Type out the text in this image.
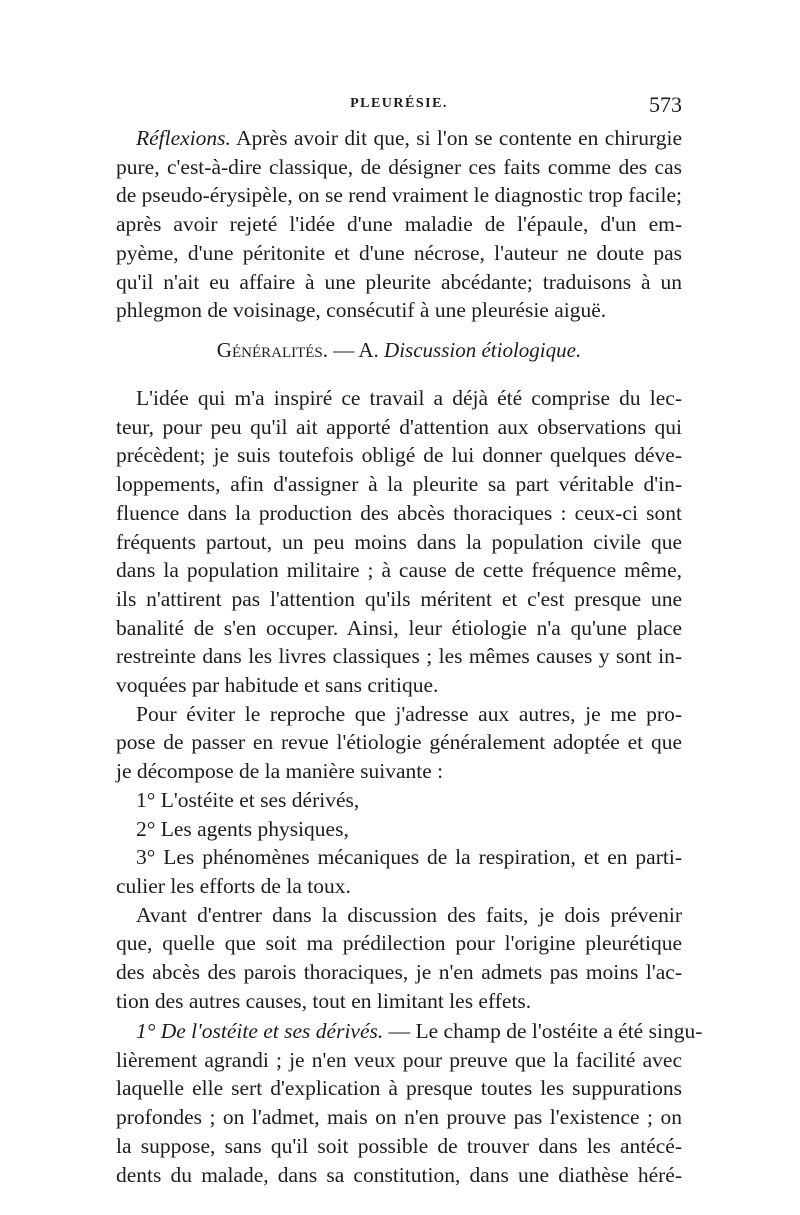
PLEURÉSIE.	573
Réflexions. Après avoir dit que, si l'on se contente en chirurgie
pure, c'est-à-dire classique, de désigner ces faits comme des cas
de pseudo-érysipèle, on se rend vraiment le diagnostic trop facile;
après avoir rejeté l'idée d'une maladie de l'épaule, d'un em-
pyème, d'une péritonite et d'une nécrose, l'auteur ne doute pas
qu'il n'ait eu affaire à une pleurite abcédante; traduisons à un
phlegmon de voisinage, consécutif à une pleurésie aiguë.
Généralités. — A. Discussion étiologique.
L'idée qui m'a inspiré ce travail a déjà été comprise du lec-
teur, pour peu qu'il ait apporté d'attention aux observations qui
précèdent; je suis toutefois obligé de lui donner quelques déve-
loppements, afin d'assigner à la pleurite sa part véritable d'in-
fluence dans la production des abcès thoraciques : ceux-ci sont
fréquents partout, un peu moins dans la population civile que
dans la population militaire ; à cause de cette fréquence même,
ils n'attirent pas l'attention qu'ils méritent et c'est presque une
banalité de s'en occuper. Ainsi, leur étiologie n'a qu'une place
restreinte dans les livres classiques ; les mêmes causes y sont in-
voquées par habitude et sans critique.
Pour éviter le reproche que j'adresse aux autres, je me pro-
pose de passer en revue l'étiologie généralement adoptée et que
je décompose de la manière suivante :
1° L'ostéite et ses dérivés,
2° Les agents physiques,
3° Les phénomènes mécaniques de la respiration, et en parti-
culier les efforts de la toux.
Avant d'entrer dans la discussion des faits, je dois prévenir
que, quelle que soit ma prédilection pour l'origine pleurétique
des abcès des parois thoraciques, je n'en admets pas moins l'ac-
tion des autres causes, tout en limitant les effets.
1° De l'ostéite et ses dérivés. — Le champ de l'ostéite a été singu-
lièrement agrandi ; je n'en veux pour preuve que la facilité avec
laquelle elle sert d'explication à presque toutes les suppurations
profondes ; on l'admet, mais on n'en prouve pas l'existence ; on
la suppose, sans qu'il soit possible de trouver dans les antécé-
dents du malade, dans sa constitution, dans une diathèse héré-
